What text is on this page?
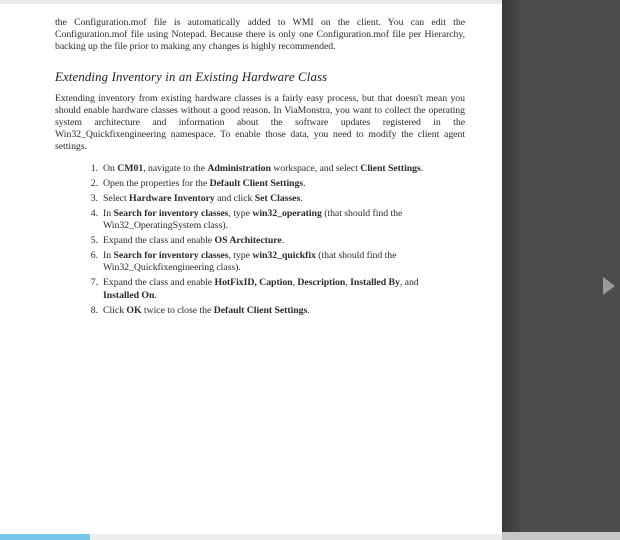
the Configuration.mof file is automatically added to WMI on the client. You can edit the Configuration.mof file using Notepad. Because there is only one Configuration.mof file per Hierarchy, backing up the file prior to making any changes is highly recommended.

Extending Inventory in an Existing Hardware Class

Extending inventory from existing hardware classes is a fairly easy process, but that doesn't mean you should enable hardware classes without a good reason. In ViaMonstra, you want to collect the operating system architecture and information about the software updates registered in the Win32_Quickfixengineering namespace. To enable those data, you need to modify the client agent settings.

1. On CM01, navigate to the Administration workspace, and select Client Settings.
2. Open the properties for the Default Client Settings.
3. Select Hardware Inventory and click Set Classes.
4. In Search for inventory classes, type win32_operating (that should find the Win32_OperatingSystem class).
5. Expand the class and enable OS Architecture.
6. In Search for inventory classes, type win32_quickfix (that should find the Win32_Quickfixengineering class).
7. Expand the class and enable HotFixID, Caption, Description, Installed By, and Installed On.
8. Click OK twice to close the Default Client Settings.
